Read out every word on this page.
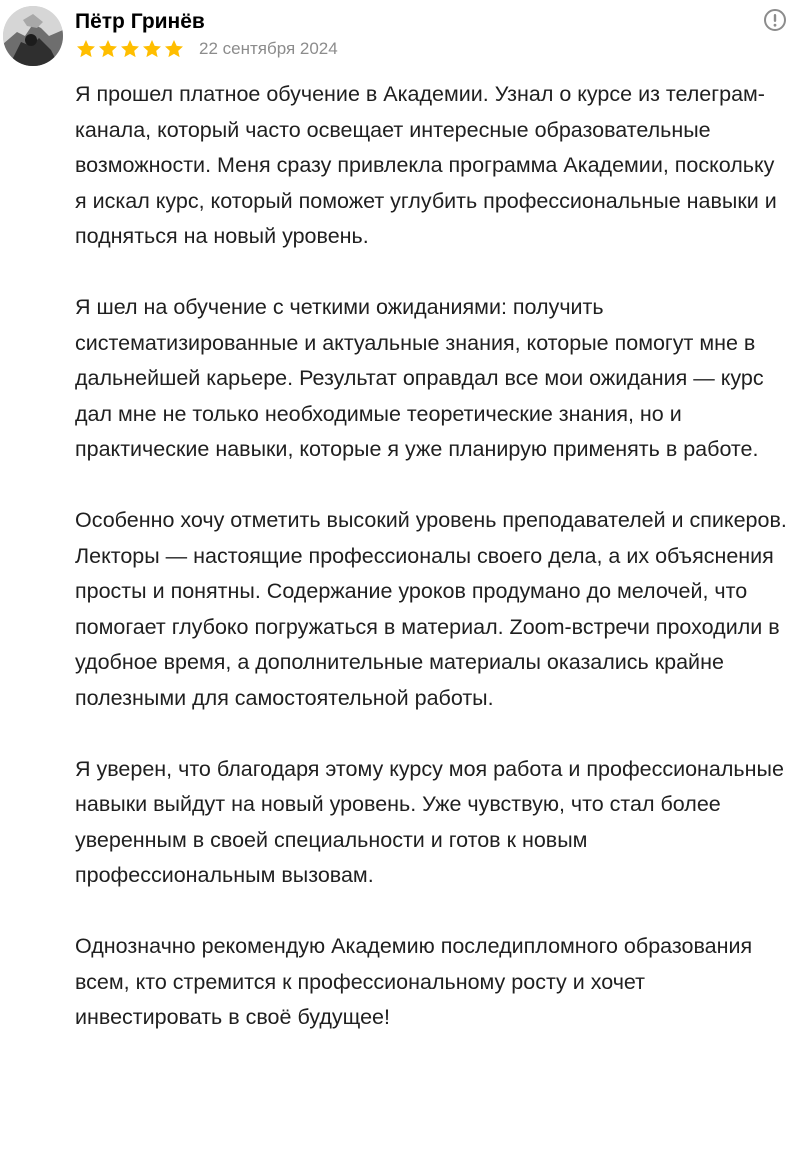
Пётр Гринёв
22 сентября 2024

Я прошел платное обучение в Академии. Узнал о курсе из телеграм-канала, который часто освещает интересные образовательные возможности. Меня сразу привлекла программа Академии, поскольку я искал курс, который поможет углубить профессиональные навыки и подняться на новый уровень.

Я шел на обучение с четкими ожиданиями: получить систематизированные и актуальные знания, которые помогут мне в дальнейшей карьере. Результат оправдал все мои ожидания — курс дал мне не только необходимые теоретические знания, но и практические навыки, которые я уже планирую применять в работе.

Особенно хочу отметить высокий уровень преподавателей и спикеров. Лекторы — настоящие профессионалы своего дела, а их объяснения просты и понятны. Содержание уроков продумано до мелочей, что помогает глубоко погружаться в материал. Zoom-встречи проходили в удобное время, а дополнительные материалы оказались крайне полезными для самостоятельной работы.

Я уверен, что благодаря этому курсу моя работа и профессиональные навыки выйдут на новый уровень. Уже чувствую, что стал более уверенным в своей специальности и готов к новым профессиональным вызовам.

Однозначно рекомендую Академию последипломного образования всем, кто стремится к профессиональному росту и хочет инвестировать в своё будущее!
